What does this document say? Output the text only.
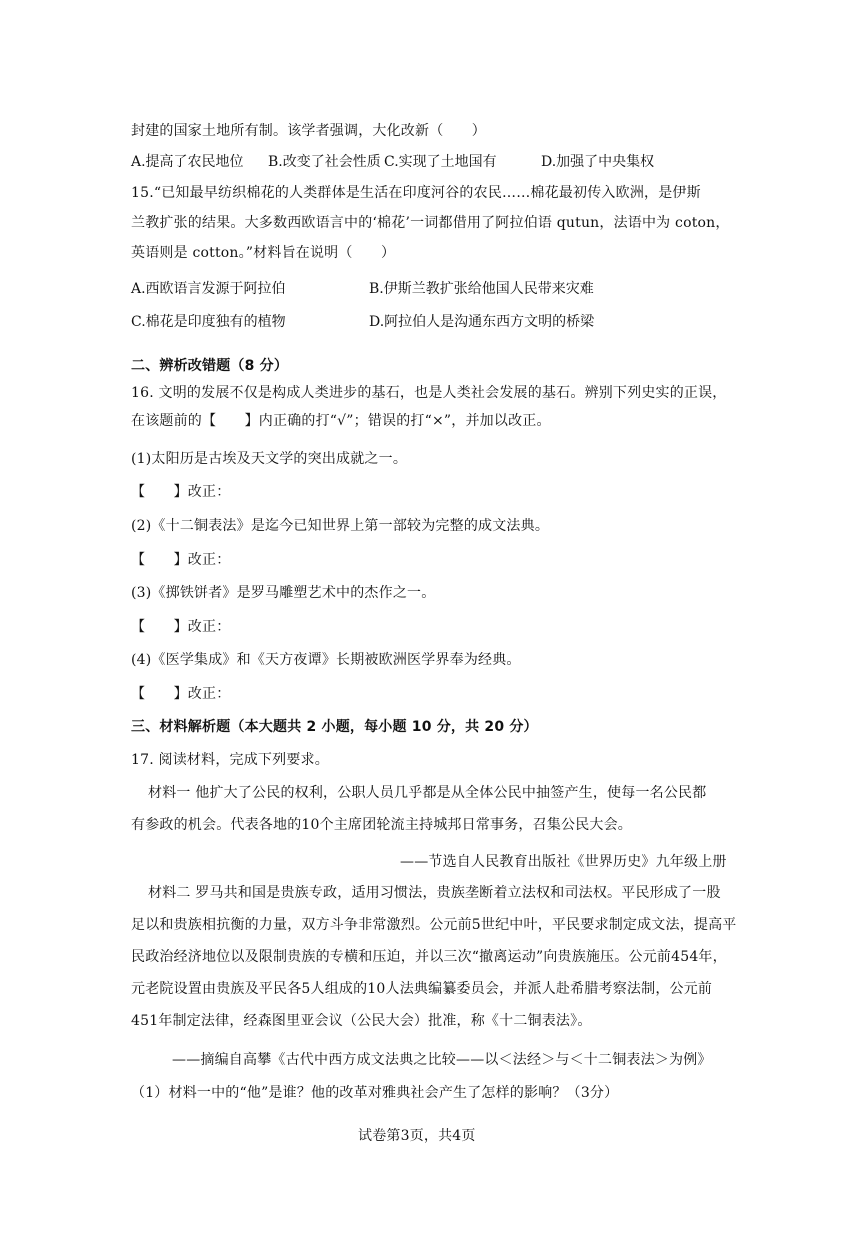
封建的国家土地所有制。该学者强调，大化改新（　　）
A.提高了农民地位 B.改变了社会性质 C.实现了土地国有	D.加强了中央集权
15.“已知最早纺织棉花的人类群体是生活在印度河谷的农民……棉花最初传入欧洲，是伊斯
兰教扩张的结果。大多数西欧语言中的‘棉花’一词都借用了阿拉伯语 qutun，法语中为 coton，
英语则是 cotton。”材料旨在说明（　　）
A.西欧语言发源于阿拉伯	B.伊斯兰教扩张给他国人民带来灾难
C.棉花是印度独有的植物	D.阿拉伯人是沟通东西方文明的桥梁
二、辨析改错题（8 分）
16. 文明的发展不仅是构成人类进步的基石，也是人类社会发展的基石。辨别下列史实的正误，
在该题前的【　　】内正确的打“√”；错误的打“×”，并加以改正。
(1)太阳历是古埃及天文学的突出成就之一。
【　　】改正：
(2)《十二铜表法》是迄今已知世界上第一部较为完整的成文法典。
【　　】改正：
(3)《掷铁饼者》是罗马雕塑艺术中的杰作之一。
【　　】改正：
(4)《医学集成》和《天方夜谭》长期被欧洲医学界奉为经典。
【　　】改正：
三、材料解析题（本大题共 2 小题，每小题 10 分，共 20 分）
17. 阅读材料，完成下列要求。
材料一 他扩大了公民的权利，公职人员几乎都是从全体公民中抽签产生，使每一名公民都
有参政的机会。代表各地的10个主席团轮流主持城邦日常事务，召集公民大会。
——节选自人民教育出版社《世界历史》九年级上册
材料二 罗马共和国是贵族专政，适用习惯法，贵族垄断着立法权和司法权。平民形成了一股
足以和贵族相抗衡的力量，双方斗争非常激烈。公元前5世纪中叶，平民要求制定成文法，提高平
民政治经济地位以及限制贵族的专横和压迫，并以三次“撤离运动”向贵族施压。公元前454年，
元老院设置由贵族及平民各5人组成的10人法典编纂委员会，并派人赴希腊考察法制，公元前
451年制定法律，经森图里亚会议（公民大会）批准，称《十二铜表法》。
——摘编自高攀《古代中西方成文法典之比较——以＜法经＞与＜十二铜表法＞为例》
（1）材料一中的“他”是谁？他的改革对雅典社会产生了怎样的影响？（3分）
试卷第3页，共4页
